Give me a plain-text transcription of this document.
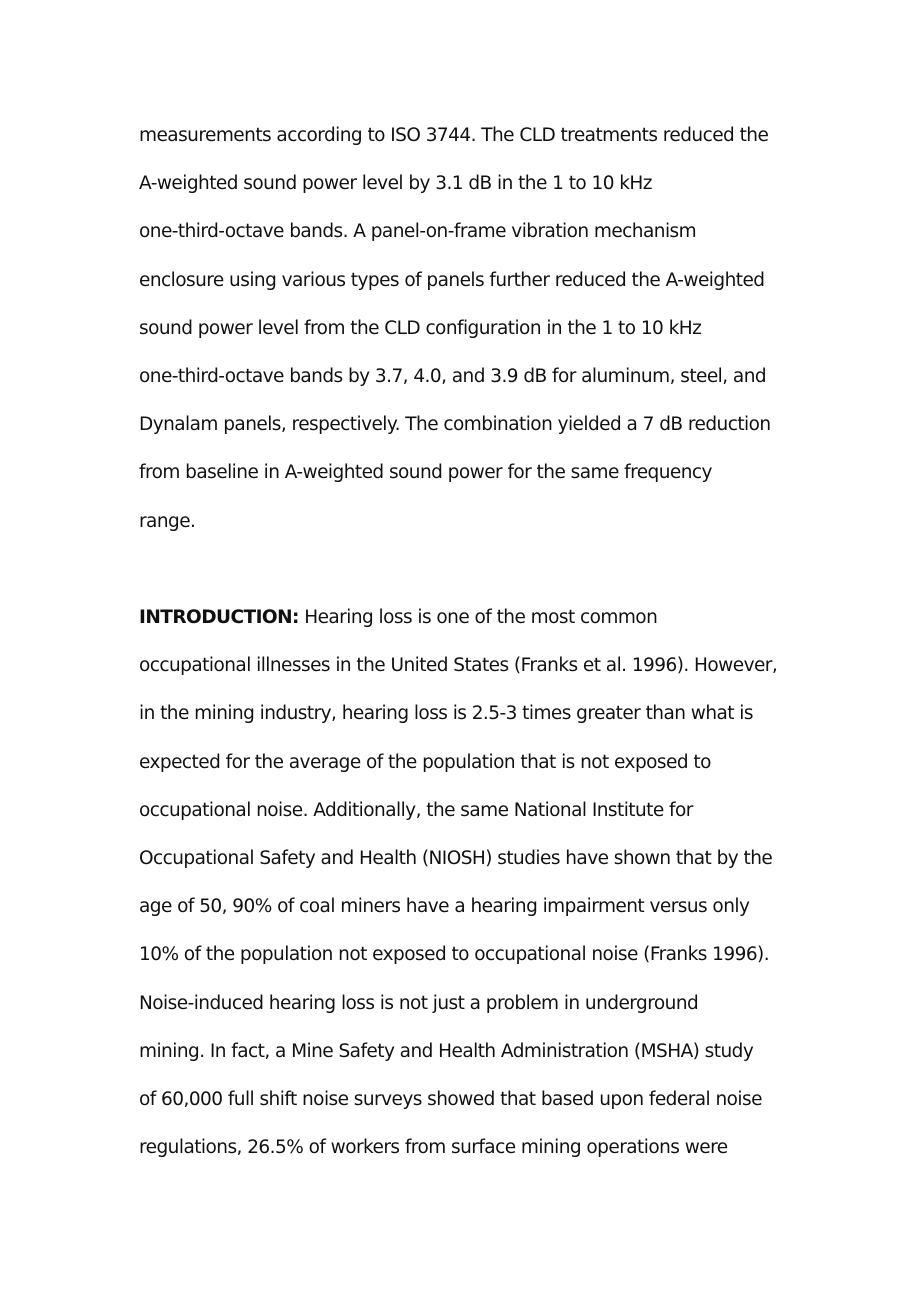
measurements according to ISO 3744. The CLD treatments reduced the
A-weighted sound power level by 3.1 dB in the 1 to 10 kHz
one-third-octave bands. A panel-on-frame vibration mechanism
enclosure using various types of panels further reduced the A-weighted
sound power level from the CLD configuration in the 1 to 10 kHz
one-third-octave bands by 3.7, 4.0, and 3.9 dB for aluminum, steel, and
Dynalam panels, respectively. The combination yielded a 7 dB reduction
from baseline in A-weighted sound power for the same frequency
range.
INTRODUCTION: Hearing loss is one of the most common
occupational illnesses in the United States (Franks et al. 1996). However,
in the mining industry, hearing loss is 2.5-3 times greater than what is
expected for the average of the population that is not exposed to
occupational noise. Additionally, the same National Institute for
Occupational Safety and Health (NIOSH) studies have shown that by the
age of 50, 90% of coal miners have a hearing impairment versus only
10% of the population not exposed to occupational noise (Franks 1996).
Noise-induced hearing loss is not just a problem in underground
mining. In fact, a Mine Safety and Health Administration (MSHA) study
of 60,000 full shift noise surveys showed that based upon federal noise
regulations, 26.5% of workers from surface mining operations were
